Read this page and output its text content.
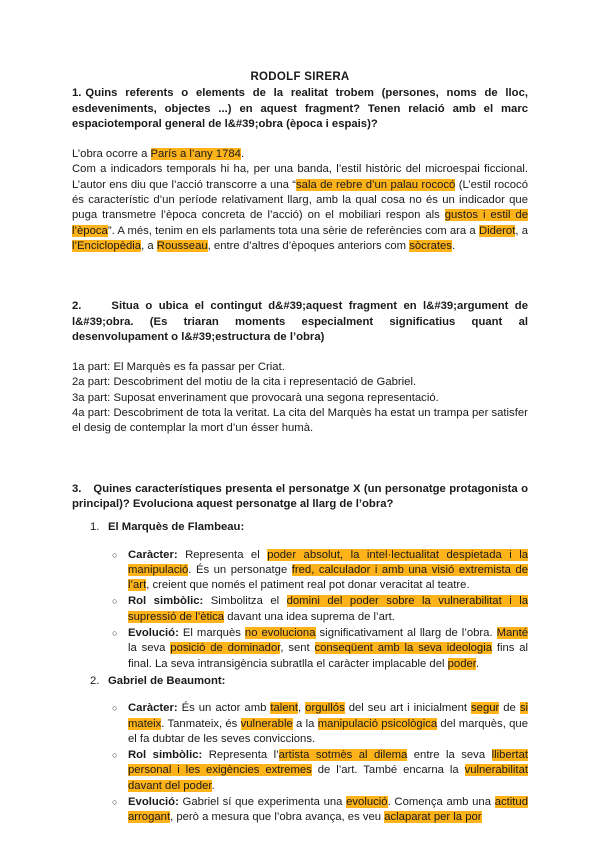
RODOLF SIRERA

1. Quins referents o elements de la realitat trobem (persones, noms de lloc, esdeveniments, objectes ...) en aquest fragment? Tenen relació amb el marc espaciotemporal general de l&#39;obra (època i espais)?

L’obra ocorre a París a l’any 1784.

Com a indicadors temporals hi ha, per una banda, l’estil històric del microespai ficcional. L’autor ens diu que l’acció transcorre a una “sala de rebre d’un palau rococó (L’estil rococó és característic d’un període relativament llarg, amb la qual cosa no és un indicador que puga transmetre l’època concreta de l’acció) on el mobiliari respon als gustos i estil de l’època”. A més, tenim en els parlaments tota una sèrie de referències com ara a Diderot, a l’Enciclopèdia, a Rousseau, entre d’altres d’èpoques anteriors com sòcrates.

2.	Situa o ubica el contingut d&#39;aquest fragment en l&#39;argument de l&#39;obra. (Es triaran moments especialment significatius quant al desenvolupament o l&#39;estructura de l’obra)

1a part: El Marquès es fa passar per Criat.

2a part: Descobriment del motiu de la cita i representació de Gabriel.

3a part: Suposat enverinament que provocarà una segona representació.

4a part: Descobriment de tota la veritat. La cita del Marquès ha estat un trampa per satisfer el desig de contemplar la mort d’un ésser humà.

3. Quines característiques presenta el personatge X (un personatge protagonista o principal)? Evoluciona aquest personatge al llarg de l’obra?

1. El Marquès de Flambeau:
○ Caràcter: Representa el poder absolut, la intel·lectualitat despietada i la manipulació. És un personatge fred, calculador i amb una visió extremista de l’art, creient que només el patiment real pot donar veracitat al teatre.
○ Rol simbòlic: Simbolitza el domini del poder sobre la vulnerabilitat i la supressió de l’ètica davant una idea suprema de l’art.
○ Evolució: El marquès no evoluciona significativament al llarg de l’obra. Manté la seva posició de dominador, sent conseqüent amb la seva ideologia fins al final. La seva intransigència subratlla el caràcter implacable del poder.
2. Gabriel de Beaumont:
○ Caràcter: És un actor amb talent, orgullós del seu art i inicialment segur de si mateix. Tanmateix, és vulnerable a la manipulació psicològica del marquès, que el fa dubtar de les seves conviccions.
○ Rol simbòlic: Representa l’artista sotmès al dilema entre la seva llibertat personal i les exigències extremes de l’art. També encarna la vulnerabilitat davant del poder.
○ Evolució: Gabriel sí que experimenta una evolució. Comença amb una actitud arrogant, però a mesura que l’obra avança, es veu aclaparat per la por
